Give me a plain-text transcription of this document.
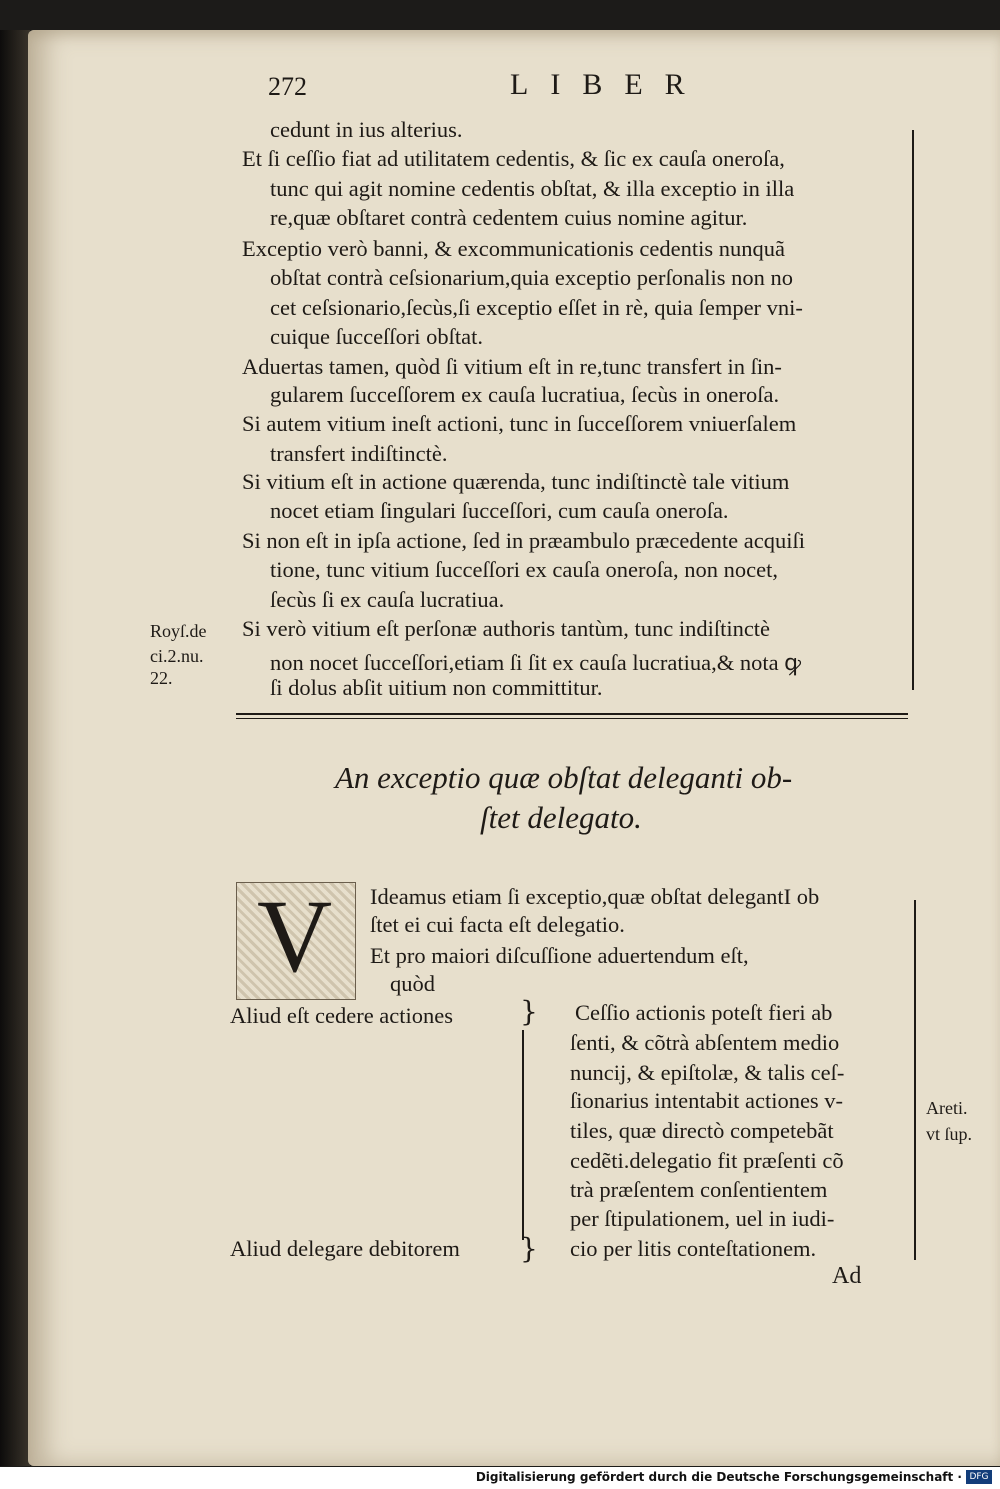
272	LIBER
cedunt in ius alterius.
Et ſi ceſſio fiat ad utilitatem cedentis, & ſic ex cauſa oneroſa,
tunc qui agit nomine cedentis obſtat, & illa exceptio in illa
re,quæ obſtaret contrà cedentem cuius nomine agitur.
Exceptio verò banni, & excommunicationis cedentis nunquã
obſtat contrà ceſsionarium,quia exceptio perſonalis non no
cet ceſsionario,ſecùs,ſi exceptio eſſet in rè, quia ſemper vni-
cuique ſucceſſori obſtat.
Aduertas tamen, quòd ſi vitium eſt in re,tunc transfert in ſin-
gularem ſucceſſorem ex cauſa lucratiua, ſecùs in oneroſa.
Si autem vitium ineſt actioni, tunc in ſucceſſorem vniuerſalem
transfert indiſtinctè.
Si vitium eſt in actione quærenda, tunc indiſtinctè tale vitium
nocet etiam ſingulari ſucceſſori, cum cauſa oneroſa.
Si non eſt in ipſa actione, ſed in præambulo præcedente acquiſi
tione, tunc vitium ſucceſſori ex cauſa oneroſa, non nocet,
ſecùs ſi ex cauſa lucratiua.
Si verò vitium eſt perſonæ authoris tantùm, tunc indiſtinctè
non nocet ſucceſſori,etiam ſi ſit ex cauſa lucratiua,& nota ꝙ
ſi dolus abſit uitium non committitur.
Royſ.de
ci.2.nu.
22.
An exceptio quæ obſtat deleganti ob-
ſtet delegato.
V Ideamus etiam ſi exceptio,quæ obſtat delegantI ob
ſtet ei cui facta eſt delegatio.
Et pro maiori diſcuſſione aduertendum eſt,
quòd
Aliud eſt cedere actiones
Aliud delegare debitorem
}
}
Ceſſio actionis poteſt fieri ab
ſenti, & cõtrà abſentem medio
nuncij, & epiſtolæ, & talis ceſ-
ſionarius intentabit actiones v-
tiles, quæ directò competebãt
cedẽti.delegatio fit præſenti cõ
trà præſentem conſentientem
per ſtipulationem, uel in iudi-
cio per litis conteſtationem.
Areti.
vt ſup.
Ad
Digitalisierung gefördert durch die Deutsche Forschungsgemeinschaft · DFG
